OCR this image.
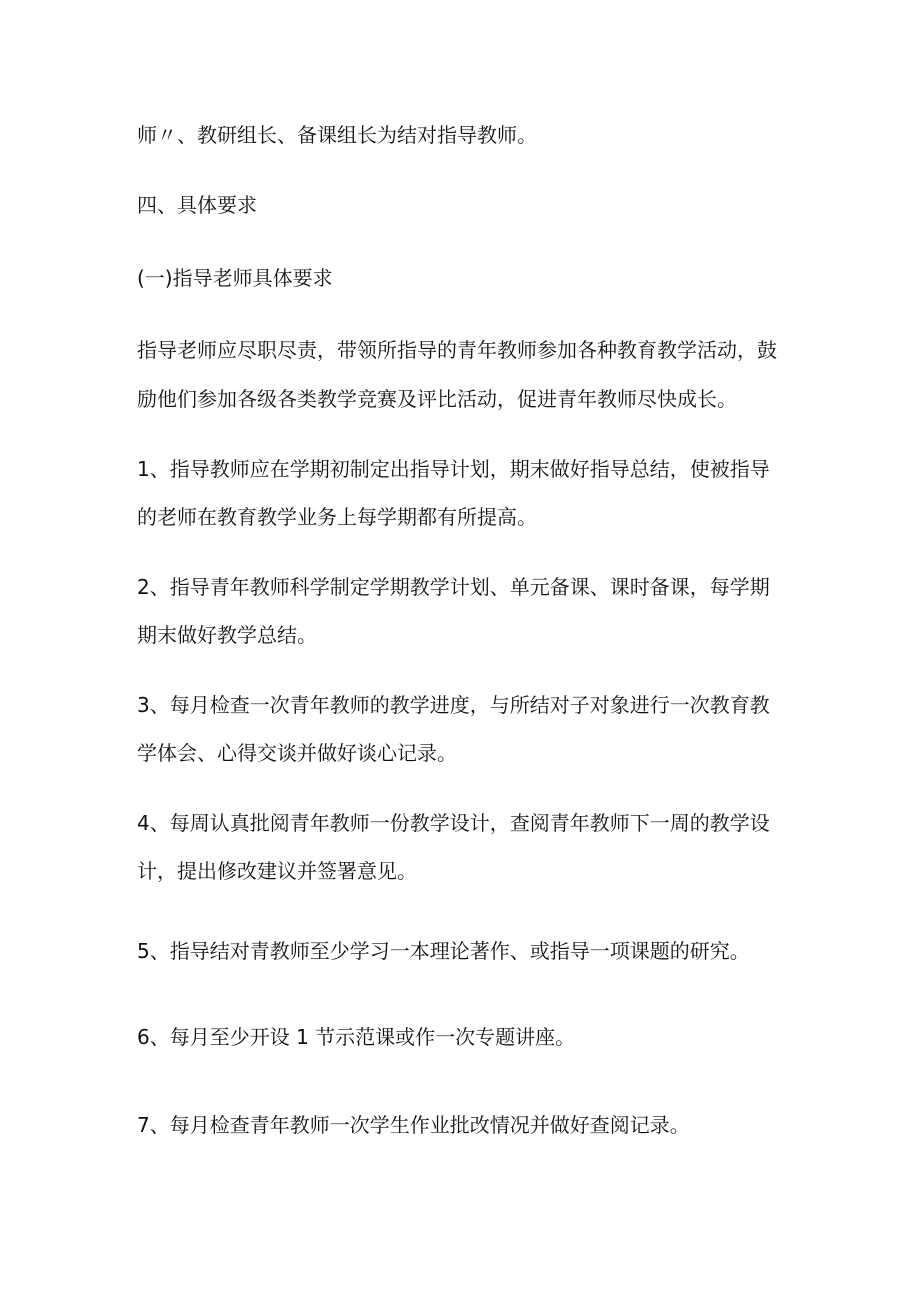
师〃、教研组长、备课组长为结对指导教师。
四、具体要求
(一)指导老师具体要求
指导老师应尽职尽责，带领所指导的青年教师参加各种教育教学活动，鼓
励他们参加各级各类教学竞赛及评比活动，促进青年教师尽快成长。
1、指导教师应在学期初制定出指导计划，期末做好指导总结，使被指导
的老师在教育教学业务上每学期都有所提高。
2、指导青年教师科学制定学期教学计划、单元备课、课时备课，每学期
期末做好教学总结。
3、每月检查一次青年教师的教学进度，与所结对子对象进行一次教育教
学体会、心得交谈并做好谈心记录。
4、每周认真批阅青年教师一份教学设计，查阅青年教师下一周的教学设
计，提出修改建议并签署意见。
5、指导结对青教师至少学习一本理论著作、或指导一项课题的研究。
6、每月至少开设 1 节示范课或作一次专题讲座。
7、每月检查青年教师一次学生作业批改情况并做好查阅记录。
